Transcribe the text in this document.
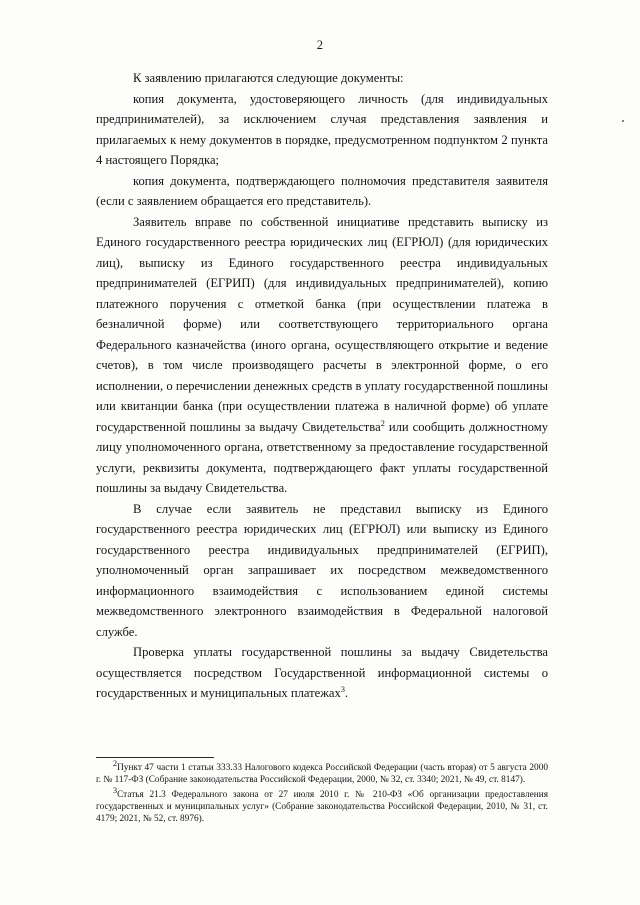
2

К заявлению прилагаются следующие документы:

копия документа, удостоверяющего личность (для индивидуальных предпринимателей), за исключением случая представления заявления и прилагаемых к нему документов в порядке, предусмотренном подпунктом 2 пункта 4 настоящего Порядка;

копия документа, подтверждающего полномочия представителя заявителя (если с заявлением обращается его представитель).

Заявитель вправе по собственной инициативе представить выписку из Единого государственного реестра юридических лиц (ЕГРЮЛ) (для юридических лиц), выписку из Единого государственного реестра индивидуальных предпринимателей (ЕГРИП) (для индивидуальных предпринимателей), копию платежного поручения с отметкой банка (при осуществлении платежа в безналичной форме) или соответствующего территориального органа Федерального казначейства (иного органа, осуществляющего открытие и ведение счетов), в том числе производящего расчеты в электронной форме, о его исполнении, о перечислении денежных средств в уплату государственной пошлины или квитанции банка (при осуществлении платежа в наличной форме) об уплате государственной пошлины за выдачу Свидетельства$^2$ или сообщить должностному лицу уполномоченного органа, ответственному за предоставление государственной услуги, реквизиты документа, подтверждающего факт уплаты государственной пошлины за выдачу Свидетельства.

В случае если заявитель не представил выписку из Единого государственного реестра юридических лиц (ЕГРЮЛ) или выписку из Единого государственного реестра индивидуальных предпринимателей (ЕГРИП), уполномоченный орган запрашивает их посредством межведомственного информационного взаимодействия с использованием единой системы межведомственного электронного взаимодействия в Федеральной налоговой службе.

Проверка уплаты государственной пошлины за выдачу Свидетельства осуществляется посредством Государственной информационной системы о государственных и муниципальных платежах$^3$.

$^2$Пункт 47 части 1 статьи 333.33 Налогового кодекса Российской Федерации (часть вторая) от 5 августа 2000 г. № 117-ФЗ (Собрание законодательства Российской Федерации, 2000, № 32, ст. 3340; 2021, № 49, ст. 8147).

$^3$Статья 21.3 Федерального закона от 27 июля 2010 г. № 210-ФЗ «Об организации предоставления государственных и муниципальных услуг» (Собрание законодательства Российской Федерации, 2010, № 31, ст. 4179; 2021, № 52, ст. 8976).
